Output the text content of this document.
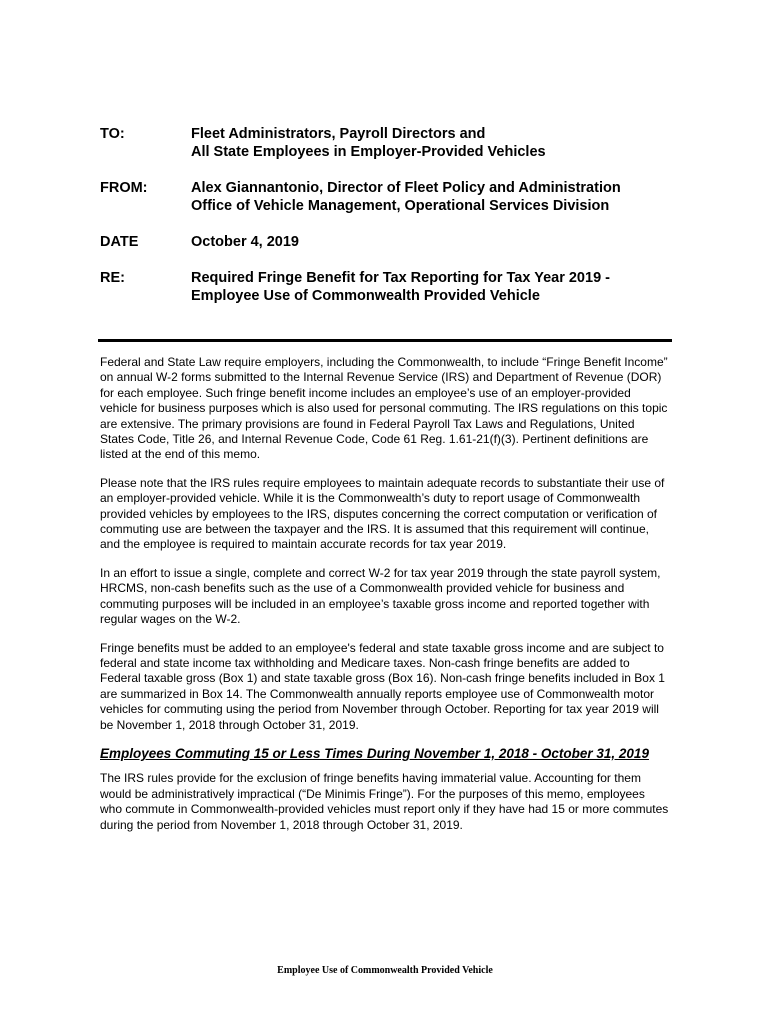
TO:	Fleet Administrators, Payroll Directors and
All State Employees in Employer-Provided Vehicles
FROM:	Alex Giannantonio, Director of Fleet Policy and Administration
Office of Vehicle Management, Operational Services Division
DATE	October 4, 2019
RE:	Required Fringe Benefit for Tax Reporting for Tax Year 2019 -
Employee Use of Commonwealth Provided Vehicle

Federal and State Law require employers, including the Commonwealth, to include “Fringe Benefit Income” on annual W-2 forms submitted to the Internal Revenue Service (IRS) and Department of Revenue (DOR) for each employee. Such fringe benefit income includes an employee’s use of an employer-provided vehicle for business purposes which is also used for personal commuting. The IRS regulations on this topic are extensive. The primary provisions are found in Federal Payroll Tax Laws and Regulations, United States Code, Title 26, and Internal Revenue Code, Code 61 Reg. 1.61-21(f)(3). Pertinent definitions are listed at the end of this memo.

Please note that the IRS rules require employees to maintain adequate records to substantiate their use of an employer-provided vehicle. While it is the Commonwealth’s duty to report usage of Commonwealth provided vehicles by employees to the IRS, disputes concerning the correct computation or verification of commuting use are between the taxpayer and the IRS. It is assumed that this requirement will continue, and the employee is required to maintain accurate records for tax year 2019.

In an effort to issue a single, complete and correct W-2 for tax year 2019 through the state payroll system, HRCMS, non-cash benefits such as the use of a Commonwealth provided vehicle for business and commuting purposes will be included in an employee’s taxable gross income and reported together with regular wages on the W-2.

Fringe benefits must be added to an employee's federal and state taxable gross income and are subject to federal and state income tax withholding and Medicare taxes. Non-cash fringe benefits are added to Federal taxable gross (Box 1) and state taxable gross (Box 16). Non-cash fringe benefits included in Box 1 are summarized in Box 14. The Commonwealth annually reports employee use of Commonwealth motor vehicles for commuting using the period from November through October. Reporting for tax year 2019 will be November 1, 2018 through October 31, 2019.

Employees Commuting 15 or Less Times During November 1, 2018 - October 31, 2019

The IRS rules provide for the exclusion of fringe benefits having immaterial value. Accounting for them would be administratively impractical (“De Minimis Fringe”). For the purposes of this memo, employees who commute in Commonwealth-provided vehicles must report only if they have had 15 or more commutes during the period from November 1, 2018 through October 31, 2019.

Employee Use of Commonwealth Provided Vehicle
